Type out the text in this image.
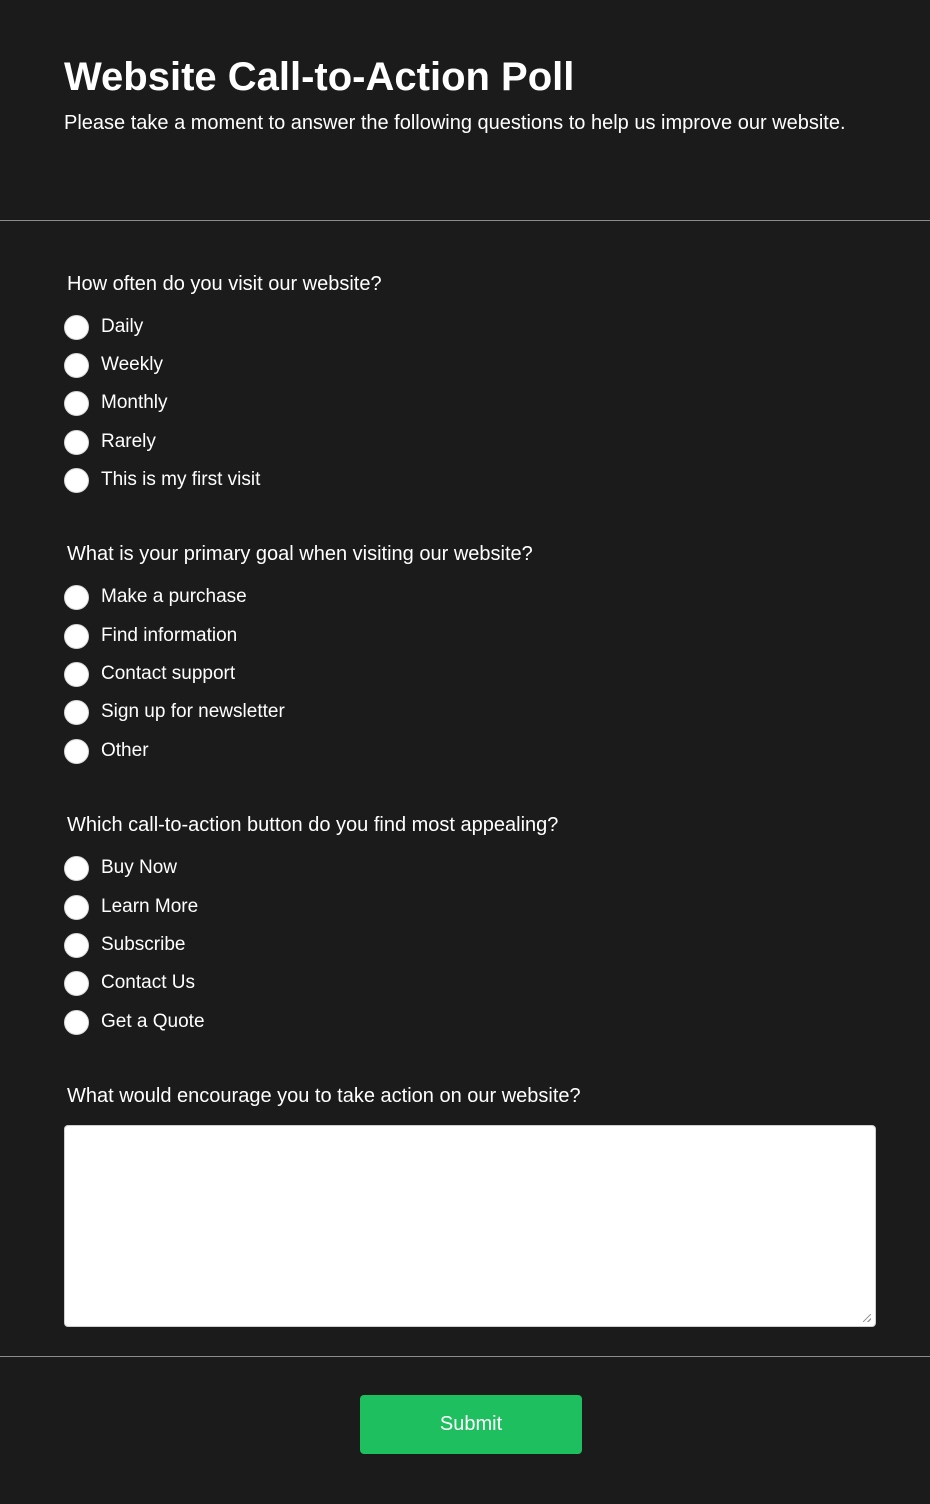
Website Call-to-Action Poll

Please take a moment to answer the following questions to help us improve our website.

How often do you visit our website?
Daily
Weekly
Monthly
Rarely
This is my first visit
What is your primary goal when visiting our website?
Make a purchase
Find information
Contact support
Sign up for newsletter
Other
Which call-to-action button do you find most appealing?
Buy Now
Learn More
Subscribe
Contact Us
Get a Quote
What would encourage you to take action on our website?
Submit
